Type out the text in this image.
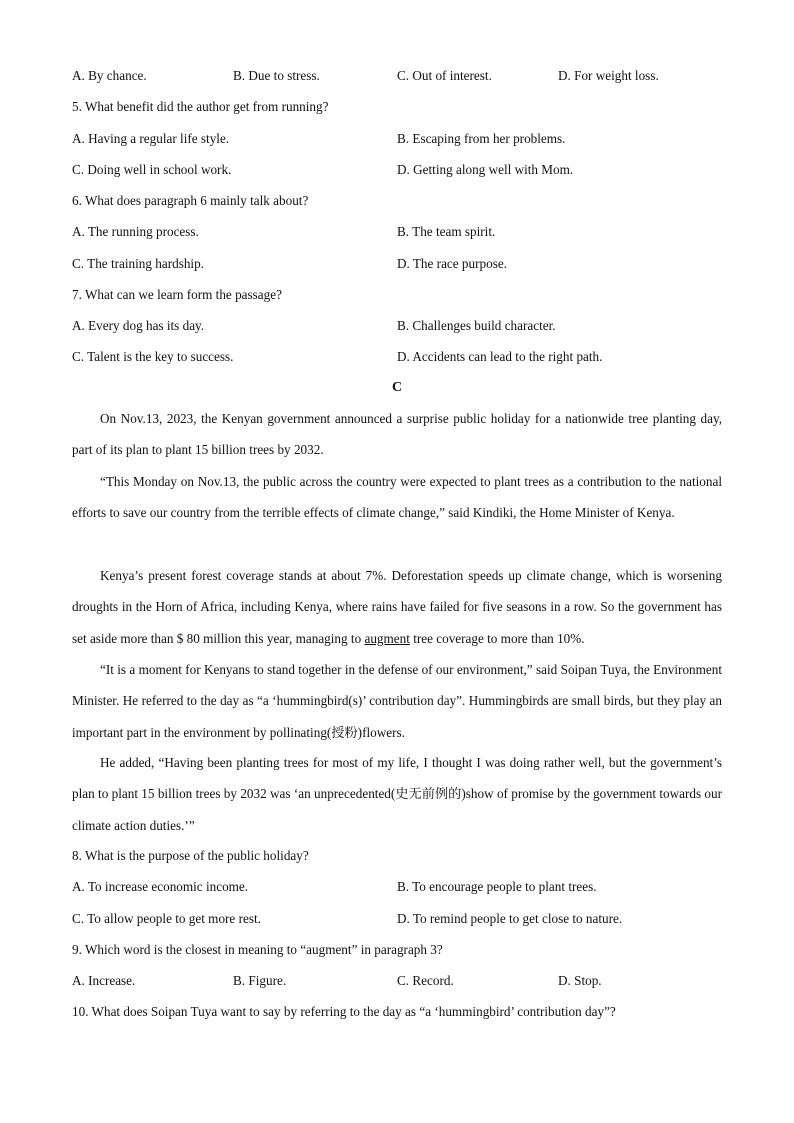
A. By chance.	B. Due to stress.	C. Out of interest.	D. For weight loss.
5. What benefit did the author get from running?
A. Having a regular life style.	B. Escaping from her problems.
C. Doing well in school work.	D. Getting along well with Mom.
6. What does paragraph 6 mainly talk about?
A. The running process.	B. The team spirit.
C. The training hardship.	D. The race purpose.
7. What can we learn form the passage?
A. Every dog has its day.	B. Challenges build character.
C. Talent is the key to success.	D. Accidents can lead to the right path.
C
On Nov.13, 2023, the Kenyan government announced a surprise public holiday for a nationwide tree planting day, part of its plan to plant 15 billion trees by 2032.
“This Monday on Nov.13, the public across the country were expected to plant trees as a contribution to the national efforts to save our country from the terrible effects of climate change,” said Kindiki, the Home Minister of Kenya.
Kenya’s present forest coverage stands at about 7%. Deforestation speeds up climate change, which is worsening droughts in the Horn of Africa, including Kenya, where rains have failed for five seasons in a row. So the government has set aside more than $ 80 million this year, managing to augment tree coverage to more than 10%.
“It is a moment for Kenyans to stand together in the defense of our environment,” said Soipan Tuya, the Environment Minister. He referred to the day as “a ‘hummingbird(s)’ contribution day”. Hummingbirds are small birds, but they play an important part in the environment by pollinating(授粉)flowers.
He added, “Having been planting trees for most of my life, I thought I was doing rather well, but the government’s plan to plant 15 billion trees by 2032 was ‘an unprecedented(史无前例的)show of promise by the government towards our climate action duties.’”
8. What is the purpose of the public holiday?
A. To increase economic income.	B. To encourage people to plant trees.
C. To allow people to get more rest.	D. To remind people to get close to nature.
9. Which word is the closest in meaning to “augment” in paragraph 3?
A. Increase.	B. Figure.	C. Record.	D. Stop.
10. What does Soipan Tuya want to say by referring to the day as “a ‘hummingbird’ contribution day”?
